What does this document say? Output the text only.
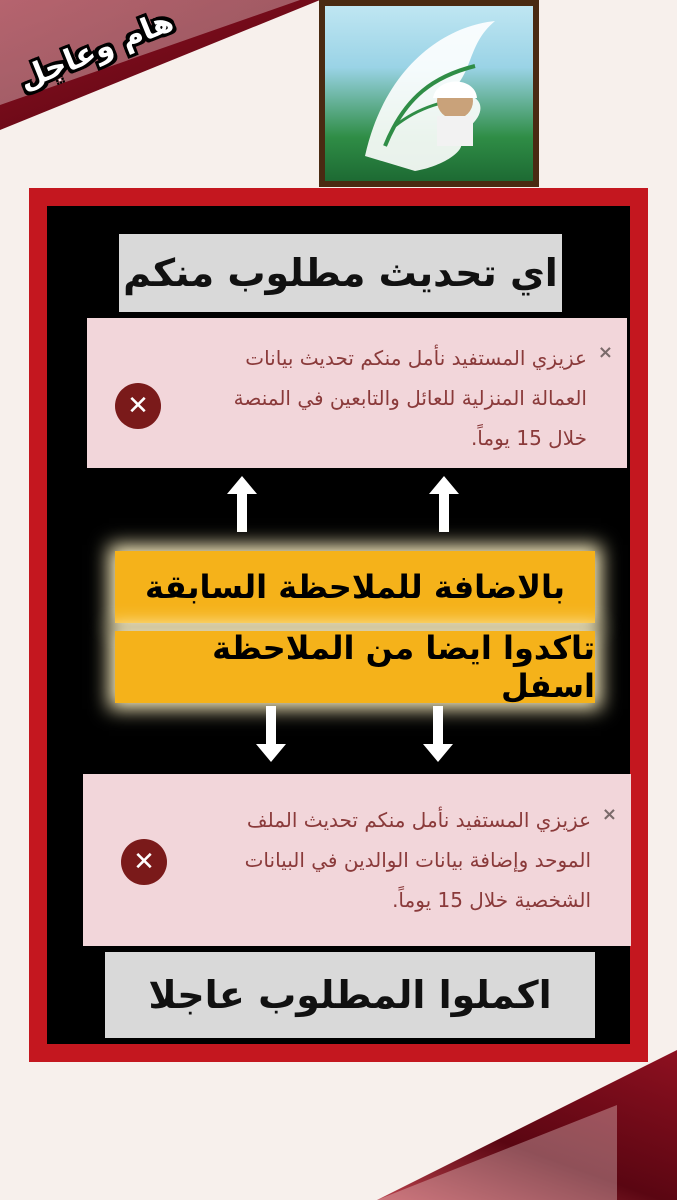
هام وعاجل
اي تحديث مطلوب منكم
×
عزيزي المستفيد نأمل منكم تحديث بيانات
العمالة المنزلية للعائل والتابعين في المنصة
خلال 15 يوماً.
✕
بالاضافة للملاحظة السابقة
تاكدوا ايضا من الملاحظة اسفل
×
عزيزي المستفيد نأمل منكم تحديث الملف
الموحد وإضافة بيانات الوالدين في البيانات
الشخصية خلال 15 يوماً.
✕
اكملوا المطلوب عاجلا
